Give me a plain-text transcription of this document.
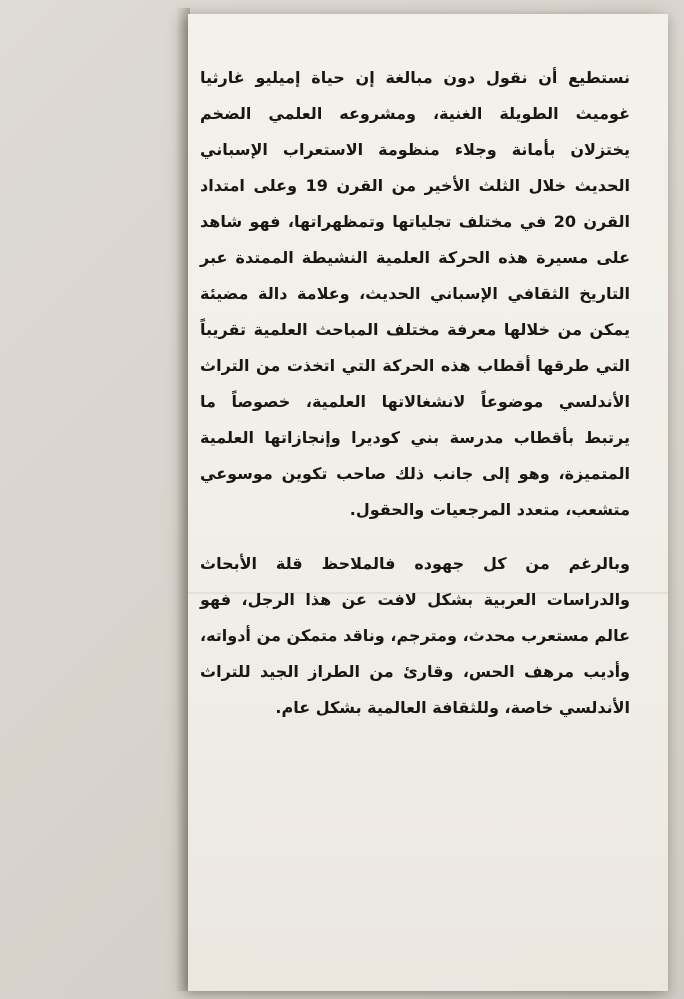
نستطيع أن نقول دون مبالغة إن حياة إميليو غارثيا غوميث الطويلة الغنية، ومشروعه العلمي الضخم يختزلان بأمانة وجلاء منظومة الاستعراب الإسباني الحديث خلال الثلث الأخير من القرن 19 وعلى امتداد القرن 20 في مختلف تجلياتها وتمظهراتها، فهو شاهد على مسيرة هذه الحركة العلمية النشيطة الممتدة عبر التاريخ الثقافي الإسباني الحديث، وعلامة دالة مضيئة يمكن من خلالها معرفة مختلف المباحث العلمية تقريباً التي طرقها أقطاب هذه الحركة التي اتخذت من التراث الأندلسي موضوعاً لانشغالاتها العلمية، خصوصاً ما يرتبط بأقطاب مدرسة بني كوديرا وإنجازاتها العلمية المتميزة، وهو إلى جانب ذلك صاحب تكوين موسوعي متشعب، متعدد المرجعيات والحقول.

وبالرغم من كل جهوده فالملاحظ قلة الأبحاث والدراسات العربية بشكل لافت عن هذا الرجل، فهو عالم مستعرب محدث، ومترجم، وناقد متمكن من أدواته، وأديب مرهف الحس، وقارئ من الطراز الجيد للتراث الأندلسي خاصة، وللثقافة العالمية بشكل عام.
